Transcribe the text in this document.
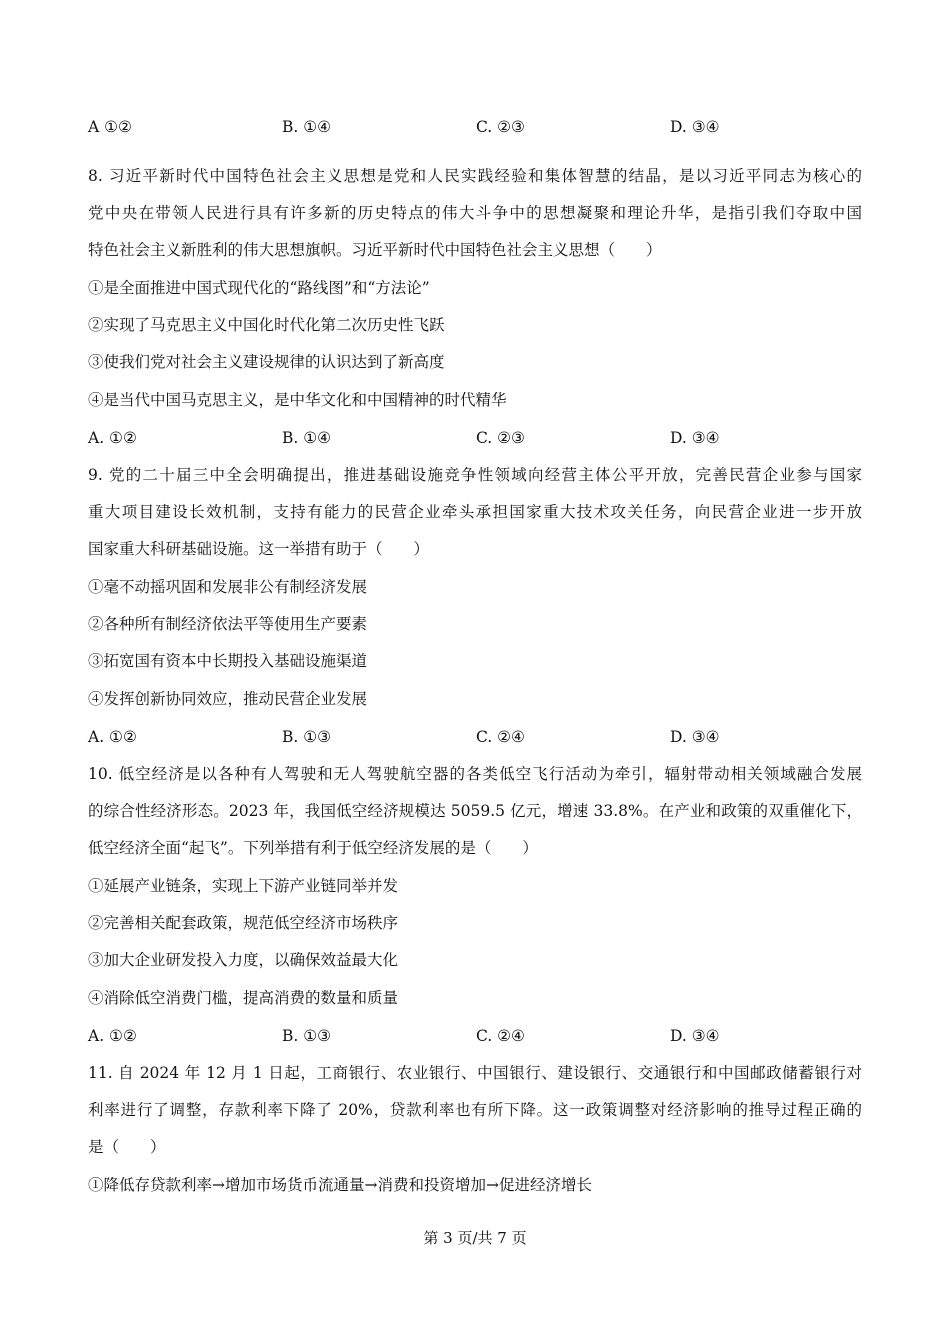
A ①②	B. ①④	C. ②③	D. ③④
8. 习近平新时代中国特色社会主义思想是党和人民实践经验和集体智慧的结晶，是以习近平同志为核心的
党中央在带领人民进行具有许多新的历史特点的伟大斗争中的思想凝聚和理论升华，是指引我们夺取中国
特色社会主义新胜利的伟大思想旗帜。习近平新时代中国特色社会主义思想（　　）
①是全面推进中国式现代化的“路线图”和“方法论”
②实现了马克思主义中国化时代化第二次历史性飞跃
③使我们党对社会主义建设规律的认识达到了新高度
④是当代中国马克思主义，是中华文化和中国精神的时代精华
A. ①②	B. ①④	C. ②③	D. ③④
9. 党的二十届三中全会明确提出，推进基础设施竞争性领域向经营主体公平开放，完善民营企业参与国家
重大项目建设长效机制，支持有能力的民营企业牵头承担国家重大技术攻关任务，向民营企业进一步开放
国家重大科研基础设施。这一举措有助于（　　）
①毫不动摇巩固和发展非公有制经济发展
②各种所有制经济依法平等使用生产要素
③拓宽国有资本中长期投入基础设施渠道
④发挥创新协同效应，推动民营企业发展
A. ①②	B. ①③	C. ②④	D. ③④
10. 低空经济是以各种有人驾驶和无人驾驶航空器的各类低空飞行活动为牵引，辐射带动相关领域融合发展
的综合性经济形态。2023 年，我国低空经济规模达 5059.5 亿元，增速 33.8%。在产业和政策的双重催化下，
低空经济全面“起飞”。下列举措有利于低空经济发展的是（　　）
①延展产业链条，实现上下游产业链同举并发
②完善相关配套政策，规范低空经济市场秩序
③加大企业研发投入力度，以确保效益最大化
④消除低空消费门槛，提高消费的数量和质量
A. ①②	B. ①③	C. ②④	D. ③④
11. 自 2024 年 12 月 1 日起，工商银行、农业银行、中国银行、建设银行、交通银行和中国邮政储蓄银行对
利率进行了调整，存款利率下降了 20%，贷款利率也有所下降。这一政策调整对经济影响的推导过程正确的
是（　　）
①降低存贷款利率→增加市场货币流通量→消费和投资增加→促进经济增长
第 3 页/共 7 页
